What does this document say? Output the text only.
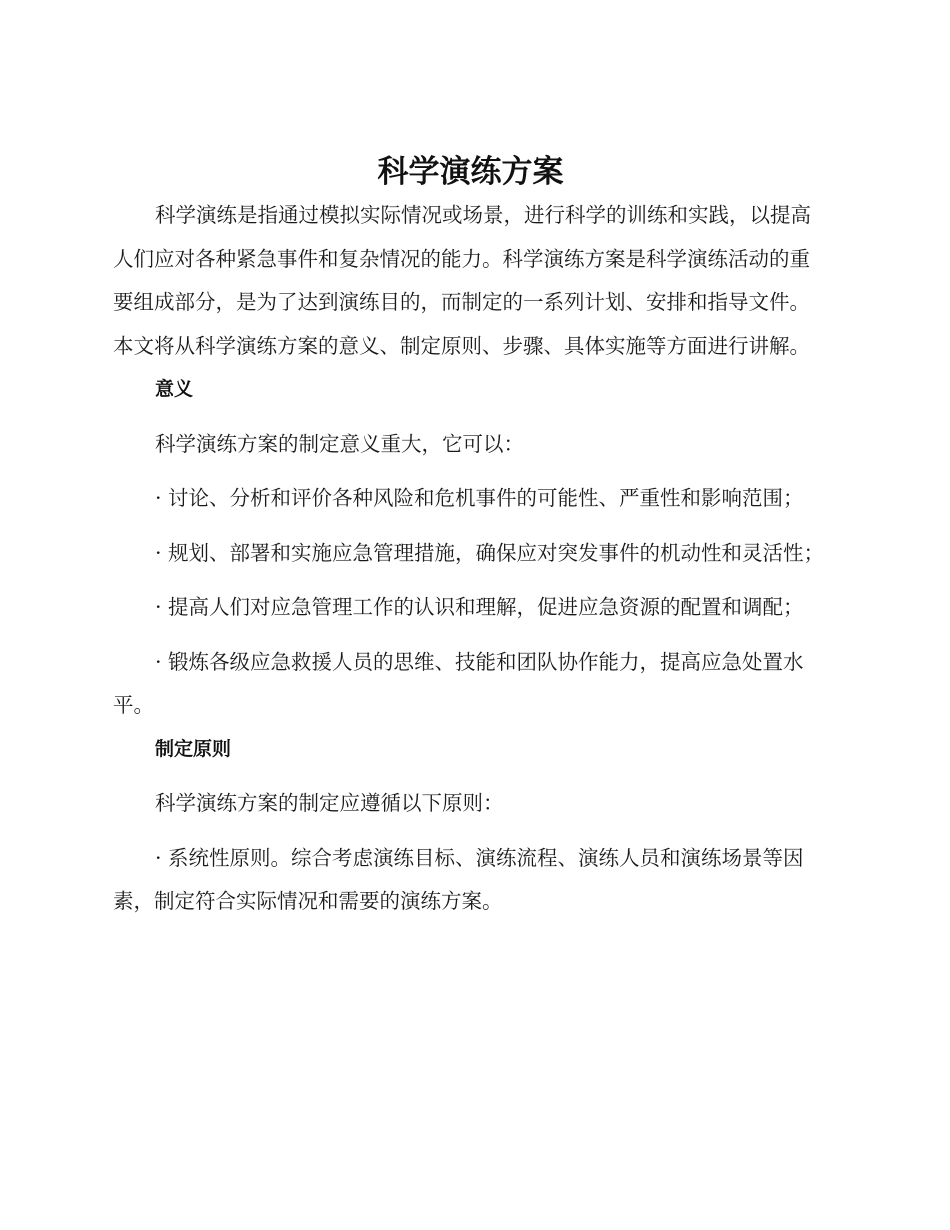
科学演练方案

科学演练是指通过模拟实际情况或场景，进行科学的训练和实践，以提高人们应对各种紧急事件和复杂情况的能力。科学演练方案是科学演练活动的重要组成部分，是为了达到演练目的，而制定的一系列计划、安排和指导文件。本文将从科学演练方案的意义、制定原则、步骤、具体实施等方面进行讲解。

意义

科学演练方案的制定意义重大，它可以：

· 讨论、分析和评价各种风险和危机事件的可能性、严重性和影响范围；

· 规划、部署和实施应急管理措施，确保应对突发事件的机动性和灵活性；

· 提高人们对应急管理工作的认识和理解，促进应急资源的配置和调配；

· 锻炼各级应急救援人员的思维、技能和团队协作能力，提高应急处置水平。

制定原则

科学演练方案的制定应遵循以下原则：

· 系统性原则。综合考虑演练目标、演练流程、演练人员和演练场景等因素，制定符合实际情况和需要的演练方案。
